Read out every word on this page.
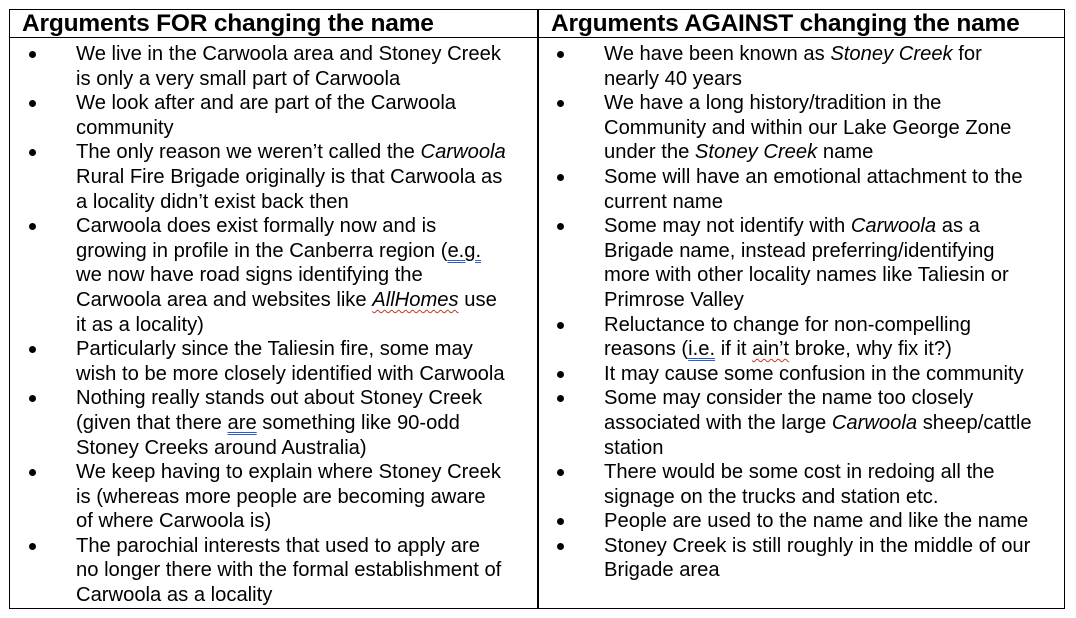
Arguments FOR changing the name	Arguments AGAINST changing the name
We live in the Carwoola area and Stoney Creek
is only a very small part of Carwoola
We look after and are part of the Carwoola
community
The only reason we weren’t called the Carwoola
Rural Fire Brigade originally is that Carwoola as
a locality didn’t exist back then
Carwoola does exist formally now and is
growing in profile in the Canberra region (e.g.
we now have road signs identifying the
Carwoola area and websites like AllHomes use
it as a locality)
Particularly since the Taliesin fire, some may
wish to be more closely identified with Carwoola
Nothing really stands out about Stoney Creek
(given that there are something like 90-odd
Stoney Creeks around Australia)
We keep having to explain where Stoney Creek
is (whereas more people are becoming aware
of where Carwoola is)
The parochial interests that used to apply are
no longer there with the formal establishment of
Carwoola as a locality
We have been known as Stoney Creek for
nearly 40 years
We have a long history/tradition in the
Community and within our Lake George Zone
under the Stoney Creek name
Some will have an emotional attachment to the
current name
Some may not identify with Carwoola as a
Brigade name, instead preferring/identifying
more with other locality names like Taliesin or
Primrose Valley
Reluctance to change for non-compelling
reasons (i.e. if it ain’t broke, why fix it?)
It may cause some confusion in the community
Some may consider the name too closely
associated with the large Carwoola sheep/cattle
station
There would be some cost in redoing all the
signage on the trucks and station etc.
People are used to the name and like the name
Stoney Creek is still roughly in the middle of our
Brigade area
